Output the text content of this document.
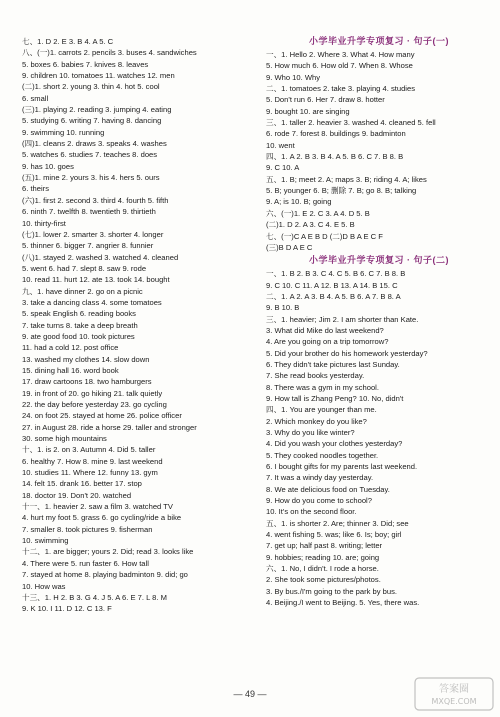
七、1. D 2. E 3. B 4. A 5. C
八、(一)1. carrots 2. pencils 3. buses 4. sandwiches
5. boxes 6. babies 7. knives 8. leaves
9. children 10. tomatoes 11. watches 12. men
(二)1. short 2. young 3. thin 4. hot 5. cool
6. small
(三)1. playing 2. reading 3. jumping 4. eating
5. studying 6. writing 7. having 8. dancing
9. swimming 10. running
(四)1. cleans 2. draws 3. speaks 4. washes
5. watches 6. studies 7. teaches 8. does
9. has 10. goes
(五)1. mine 2. yours 3. his 4. hers 5. ours
6. theirs
(六)1. first 2. second 3. third 4. fourth 5. fifth
6. ninth 7. twelfth 8. twentieth 9. thirtieth
10. thirty-first
(七)1. lower 2. smarter 3. shorter 4. longer
5. thinner 6. bigger 7. angrier 8. funnier
(八)1. stayed 2. washed 3. watched 4. cleaned
5. went 6. had 7. slept 8. saw 9. rode
10. read 11. hurt 12. ate 13. took 14. bought
九、1. have dinner 2. go on a picnic
3. take a dancing class 4. some tomatoes
5. speak English 6. reading books
7. take turns 8. take a deep breath
9. ate good food 10. took pictures
11. had a cold 12. post office
13. washed my clothes 14. slow down
15. dining hall 16. word book
17. draw cartoons 18. two hamburgers
19. in front of 20. go hiking 21. talk quietly
22. the day before yesterday 23. go cycling
24. on foot 25. stayed at home 26. police officer
27. in August 28. ride a horse 29. taller and stronger
30. some high mountains
十、1. is 2. on 3. Autumn 4. Did 5. taller
6. healthy 7. How 8. mine 9. last weekend
10. studies 11. Where 12. funny 13. gym
14. felt 15. drank 16. better 17. stop
18. doctor 19. Don't 20. watched
十一、1. heavier 2. saw a film 3. watched TV
4. hurt my foot 5. grass 6. go cycling/ride a bike
7. smaller 8. took pictures 9. fisherman
10. swimming
十二、1. are bigger; yours 2. Did; read 3. looks like
4. There were 5. run faster 6. How tall
7. stayed at home 8. playing badminton 9. did; go
10. How was
十三、1. H 2. B 3. G 4. J 5. A 6. E 7. L 8. M
9. K 10. I 11. D 12. C 13. F
小学毕业升学专项复习 · 句子(一)
一、1. Hello 2. Where 3. What 4. How many
5. How much 6. How old 7. When 8. Whose
9. Who 10. Why
二、1. tomatoes 2. take 3. playing 4. studies
5. Don't run 6. Her 7. draw 8. hotter
9. bought 10. are singing
三、1. taller 2. heavier 3. washed 4. cleaned 5. fell
6. rode 7. forest 8. buildings 9. badminton
10. went
四、1. A 2. B 3. B 4. A 5. B 6. C 7. B 8. B
9. C 10. A
五、1. B; meet 2. A; maps 3. B; riding 4. A; likes
5. B; younger 6. B; 删除 7. B; go 8. B; talking
9. A; is 10. B; going
六、(一)1. E 2. C 3. A 4. D 5. B
(二)1. D 2. A 3. C 4. E 5. B
七、(一)C A E B D (二)D B A E C F
(三)B D A E C
小学毕业升学专项复习 · 句子(二)
一、1. B 2. B 3. C 4. C 5. B 6. C 7. B 8. B
9. C 10. C 11. A 12. B 13. A 14. B 15. C
二、1. A 2. A 3. B 4. A 5. B 6. A 7. B 8. A
9. B 10. B
三、1. heavier; Jim 2. I am shorter than Kate.
3. What did Mike do last weekend?
4. Are you going on a trip tomorrow?
5. Did your brother do his homework yesterday?
6. They didn't take pictures last Sunday.
7. She read books yesterday.
8. There was a gym in my school.
9. How tall is Zhang Peng? 10. No, didn't
四、1. You are younger than me.
2. Which monkey do you like?
3. Why do you like winter?
4. Did you wash your clothes yesterday?
5. They cooked noodles together.
6. I bought gifts for my parents last weekend.
7. It was a windy day yesterday.
8. We ate delicious food on Tuesday.
9. How do you come to school?
10. It's on the second floor.
五、1. is shorter 2. Are; thinner 3. Did; see
4. went fishing 5. was; like 6. Is; boy; girl
7. get up; half past 8. writing; letter
9. hobbies; reading 10. are; going
六、1. No, I didn't. I rode a horse.
2. She took some pictures/photos.
3. By bus./I'm going to the park by bus.
4. Beijing./I went to Beijing. 5. Yes, there was.
— 49 —	答案圈
MXQE.COM
